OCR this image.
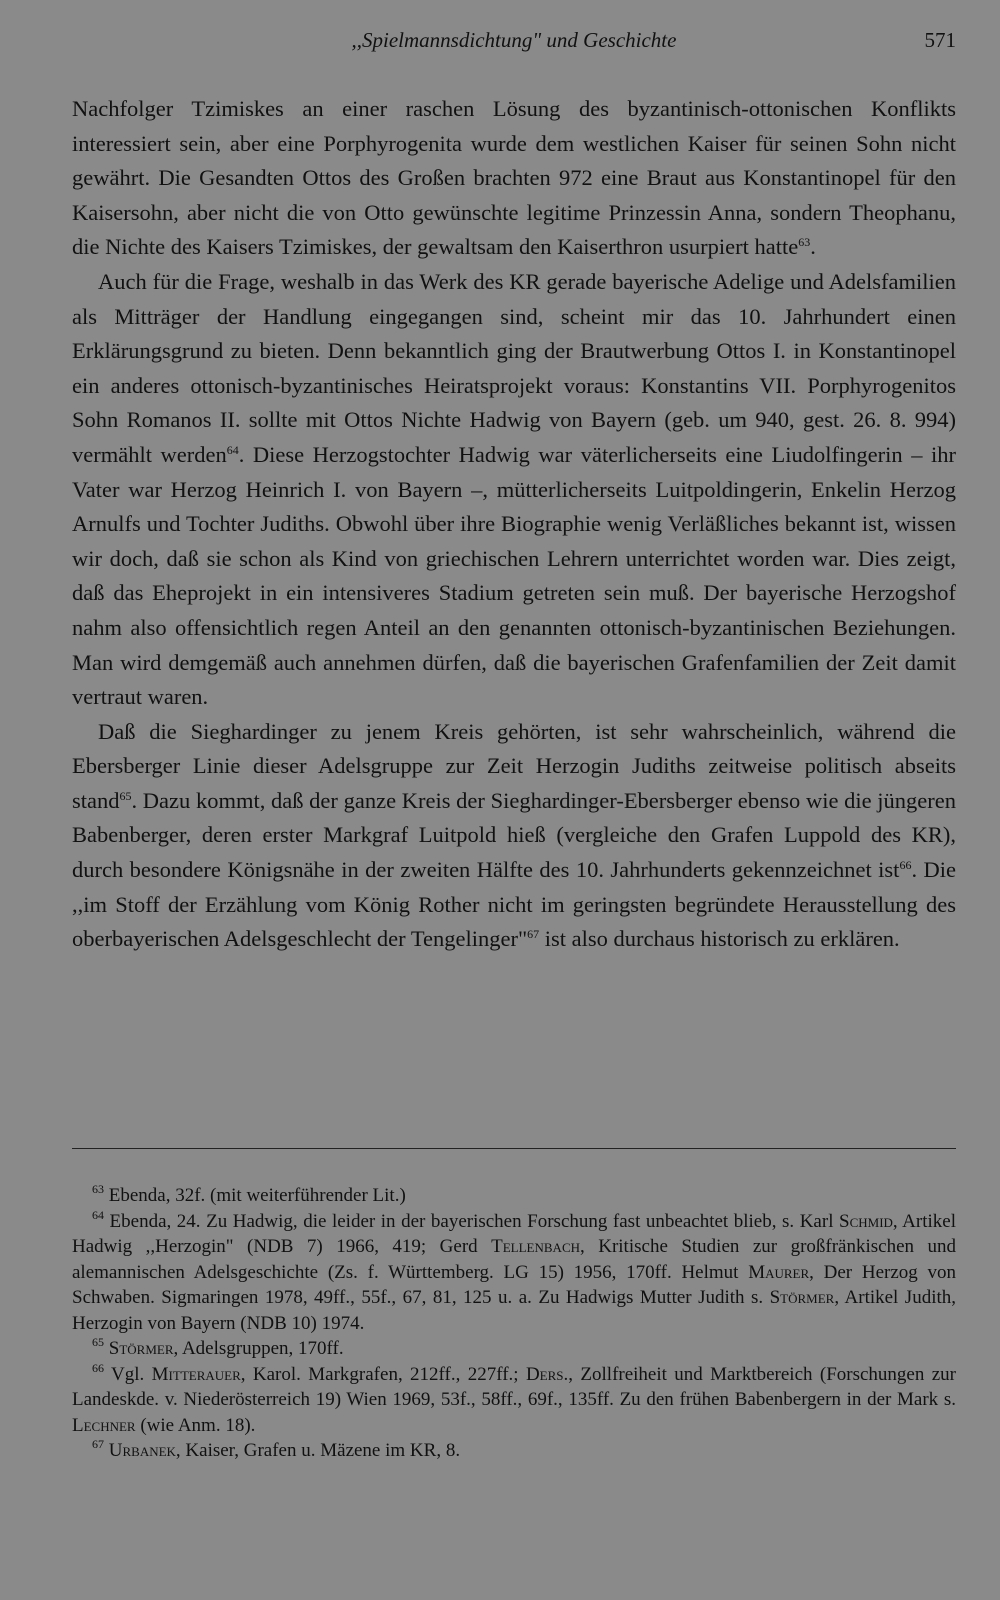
,,Spielmannsdichtung" und Geschichte	571

Nachfolger Tzimiskes an einer raschen Lösung des byzantinisch-ottonischen Konflikts interessiert sein, aber eine Porphyrogenita wurde dem westlichen Kaiser für seinen Sohn nicht gewährt. Die Gesandten Ottos des Großen brachten 972 eine Braut aus Konstantinopel für den Kaisersohn, aber nicht die von Otto gewünschte legitime Prinzessin Anna, sondern Theophanu, die Nichte des Kaisers Tzimiskes, der gewaltsam den Kaiserthron usurpiert hatte$^{63}$.

Auch für die Frage, weshalb in das Werk des KR gerade bayerische Adelige und Adelsfamilien als Mitträger der Handlung eingegangen sind, scheint mir das 10. Jahrhundert einen Erklärungsgrund zu bieten. Denn bekanntlich ging der Brautwerbung Ottos I. in Konstantinopel ein anderes ottonisch-byzantinisches Heiratsprojekt voraus: Konstantins VII. Porphyrogenitos Sohn Romanos II. sollte mit Ottos Nichte Hadwig von Bayern (geb. um 940, gest. 26. 8. 994) vermählt werden$^{64}$. Diese Herzogstochter Hadwig war väterlicherseits eine Liudolfingerin – ihr Vater war Herzog Heinrich I. von Bayern –, mütterlicherseits Luitpoldingerin, Enkelin Herzog Arnulfs und Tochter Judiths. Obwohl über ihre Biographie wenig Verläßliches bekannt ist, wissen wir doch, daß sie schon als Kind von griechischen Lehrern unterrichtet worden war. Dies zeigt, daß das Eheprojekt in ein intensiveres Stadium getreten sein muß. Der bayerische Herzogshof nahm also offensichtlich regen Anteil an den genannten ottonisch-byzantinischen Beziehungen. Man wird demgemäß auch annehmen dürfen, daß die bayerischen Grafenfamilien der Zeit damit vertraut waren.

Daß die Sieghardinger zu jenem Kreis gehörten, ist sehr wahrscheinlich, während die Ebersberger Linie dieser Adelsgruppe zur Zeit Herzogin Judiths zeitweise politisch abseits stand$^{65}$. Dazu kommt, daß der ganze Kreis der Sieghardinger-Ebersberger ebenso wie die jüngeren Babenberger, deren erster Markgraf Luitpold hieß (vergleiche den Grafen Luppold des KR), durch besondere Königsnähe in der zweiten Hälfte des 10. Jahrhunderts gekennzeichnet ist$^{66}$. Die ,,im Stoff der Erzählung vom König Rother nicht im geringsten begründete Herausstellung des oberbayerischen Adelsgeschlecht der Tengelinger"$^{67}$ ist also durchaus historisch zu erklären.

$^{63}$ Ebenda, 32f. (mit weiterführender Lit.)

$^{64}$ Ebenda, 24. Zu Hadwig, die leider in der bayerischen Forschung fast unbeachtet blieb, s. Karl Schmid, Artikel Hadwig ,,Herzogin" (NDB 7) 1966, 419; Gerd Tellenbach, Kritische Studien zur großfränkischen und alemannischen Adelsgeschichte (Zs. f. Württemberg. LG 15) 1956, 170ff. Helmut Maurer, Der Herzog von Schwaben. Sigmaringen 1978, 49ff., 55f., 67, 81, 125 u. a. Zu Hadwigs Mutter Judith s. Störmer, Artikel Judith, Herzogin von Bayern (NDB 10) 1974.

$^{65}$ Störmer, Adelsgruppen, 170ff.

$^{66}$ Vgl. Mitterauer, Karol. Markgrafen, 212ff., 227ff.; Ders., Zollfreiheit und Marktbereich (Forschungen zur Landeskde. v. Niederösterreich 19) Wien 1969, 53f., 58ff., 69f., 135ff. Zu den frühen Babenbergern in der Mark s. Lechner (wie Anm. 18).

$^{67}$ Urbanek, Kaiser, Grafen u. Mäzene im KR, 8.
